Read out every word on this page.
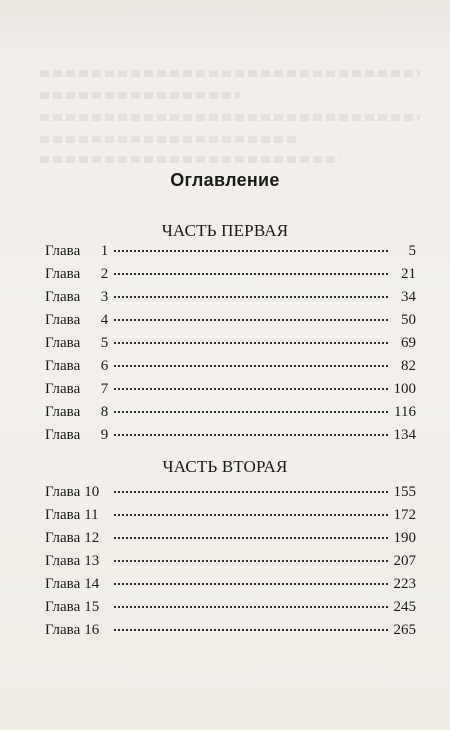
Оглавление
ЧАСТЬ ПЕРВАЯ
Глава	1	5
Глава	2	21
Глава	3	34
Глава	4	50
Глава	5	69
Глава	6	82
Глава	7	100
Глава	8	116
Глава	9	134
ЧАСТЬ ВТОРАЯ
Глава 10	155
Глава 11	172
Глава 12	190
Глава 13	207
Глава 14	223
Глава 15	245
Глава 16	265
